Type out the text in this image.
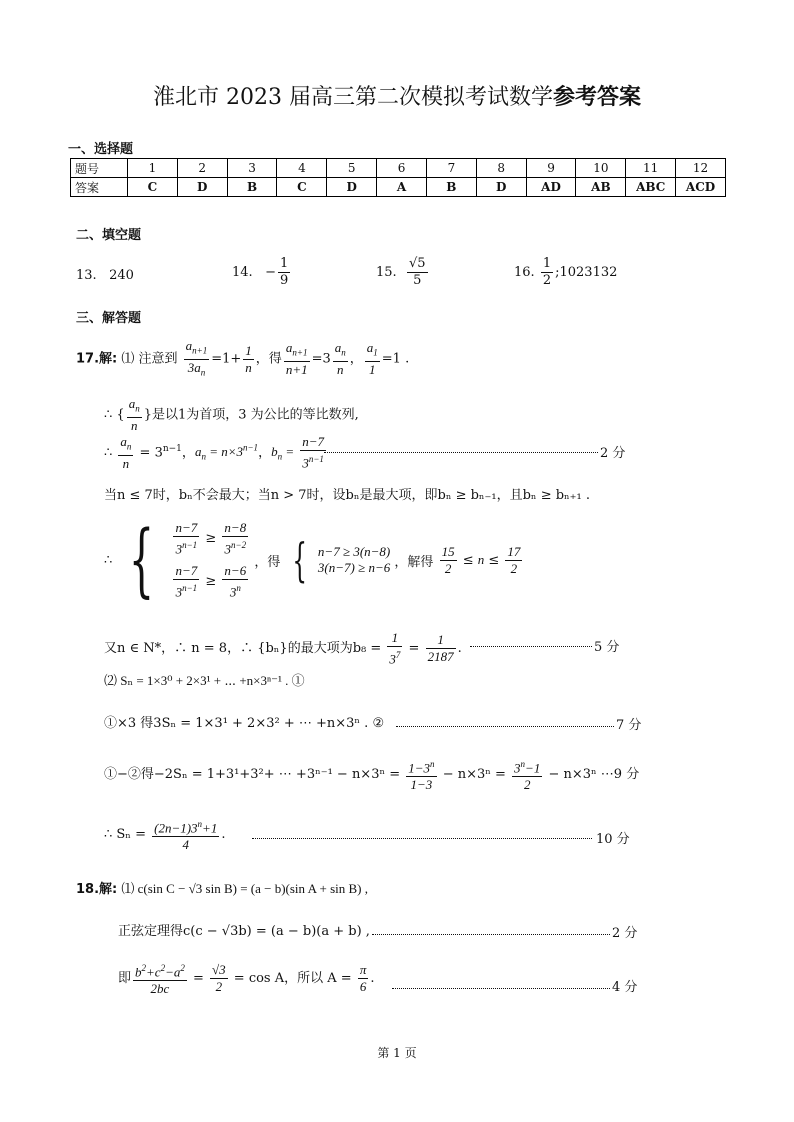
淮北市 2023 届高三第二次模拟考试数学参考答案
一、选择题
题号	1	2	3	4	5	6	7	8	9	10	11	12
答案	C	D	B	C	D	A	B	D	AD	AB	ABC	ACD
二、填空题
13. 240	14. − $\frac{1}{9}$	15. $\frac{√5}{5}$	16. $\frac{1}{2}$ ;1023132
三、解答题
17.解: ⑴ 注意到 $\frac{a_{n+1}}{3a_n} =1+ \frac{1}{n}$ ，得 $\frac{a_{n+1}}{n+1} =3 \frac{a_n}{n}$ ， $\frac{a_1}{1} =1$ .
∴ { $\frac{a_n}{n}$ }是以1为首项，3 为公比的等比数列,
∴ $\frac{a_n}{n} = 3^{n-1}$，$a_n = n\times 3^{n-1}$，$b_n = \frac{n-7}{3^{n-1}}$	2 分
当n ≤ 7时，bₙ不会最大；当n > 7时，设bₙ是最大项，即bₙ ≥ bₙ₋₁，且bₙ ≥ bₙ₊₁ .
∴ { $\frac{n-7}{3^{n-1}} \ge \frac{n-8}{3^{n-2}}$
$\frac{n-7}{3^{n-1}} \ge \frac{n-6}{3^n}$
，得 { n−7 ≥ 3(n−8)
3(n−7) ≥ n−6 ，解得 $\frac{15}{2} \le n \le \frac{17}{2}$
又n ∈ N*，∴ n = 8，∴ {bₙ}的最大项为$b_8 = \frac{1}{3^7} = \frac{1}{2187}$ .	5 分
⑵ Sₙ = 1×3⁰ + 2×3¹ + ⋯ +n×3ⁿ⁻¹ . ①
①×3 得3Sₙ = 1×3¹ + 2×3² + ⋯ +n×3ⁿ . ②	7 分
①−②得−2Sₙ = 1+3¹+3²+ ⋯ $+3^{n-1} - n\times 3^n = \frac{1-3^n}{1-3} - n\times 3^n = \frac{3^n-1}{2} - n\times 3^n$ ⋯9 分
∴ $S_n = \frac{(2n-1)3^n+1}{4}$ .	10 分
18.解: ⑴ c(sin C − √3 sin B) = (a − b)(sin A + sin B) ,
正弦定理得c(c − √3b) = (a − b)(a + b) ,	2 分
即 $\frac{b^2+c^2-a^2}{2bc} = \frac{√3}{2} = \cos A$，所以 $A = \frac{\pi}{6}$ .
4 分
第 1 页
